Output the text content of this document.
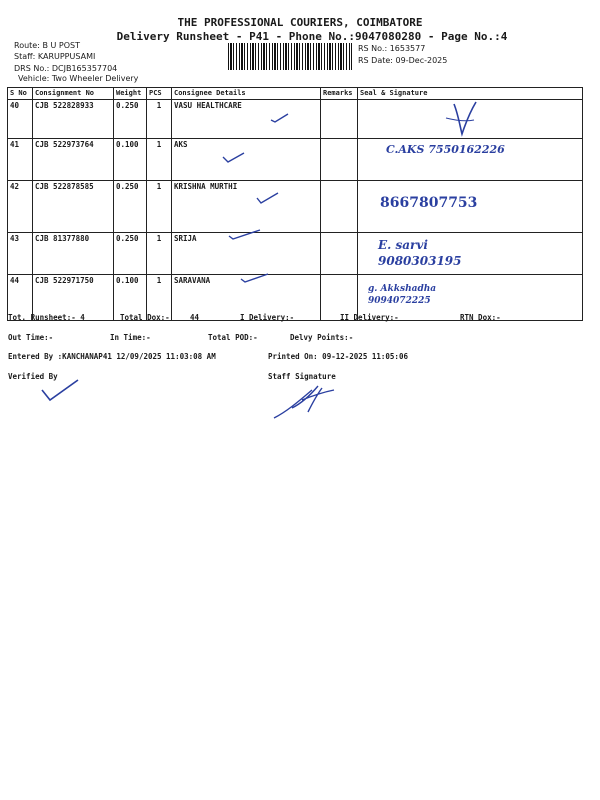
THE PROFESSIONAL COURIERS, COIMBATORE
Delivery Runsheet - P41 - Phone No.:9047080280 - Page No.:4
Route: B U POST
Staff: KARUPPUSAMI
DRS No.: DCJB165357704
Vehicle: Two Wheeler Delivery
RS No.: 1653577
RS Date: 09-Dec-2025
S No	Consignment No	Weight	PCS	Consignee Details	Remarks	Seal & Signature
40	CJB 522828933	0.250	1	VASU HEALTHCARE		
41	CJB 522973764	0.100	1	AKS		C.AKS 7550162226
42	CJB 522878585	0.250	1	KRISHNA MURTHI		8667807753
43	CJB 81377880	0.250	1	SRIJA		E. sarvi 9080303195

44	CJB 522971750	0.100	1	SARAVANA		g. Akkshadha 9094072225
Tot. Runsheet:- 4	Total Dox:-	44	I Delivery:-	II Delivery:-	RTN Dox:-
Out Time:-	In Time:-	Total POD:-	Delvy Points:-
Entered By :KANCHANAP41 12/09/2025 11:03:08 AM	Printed On: 09-12-2025 11:05:06
Verified By	Staff Signature
